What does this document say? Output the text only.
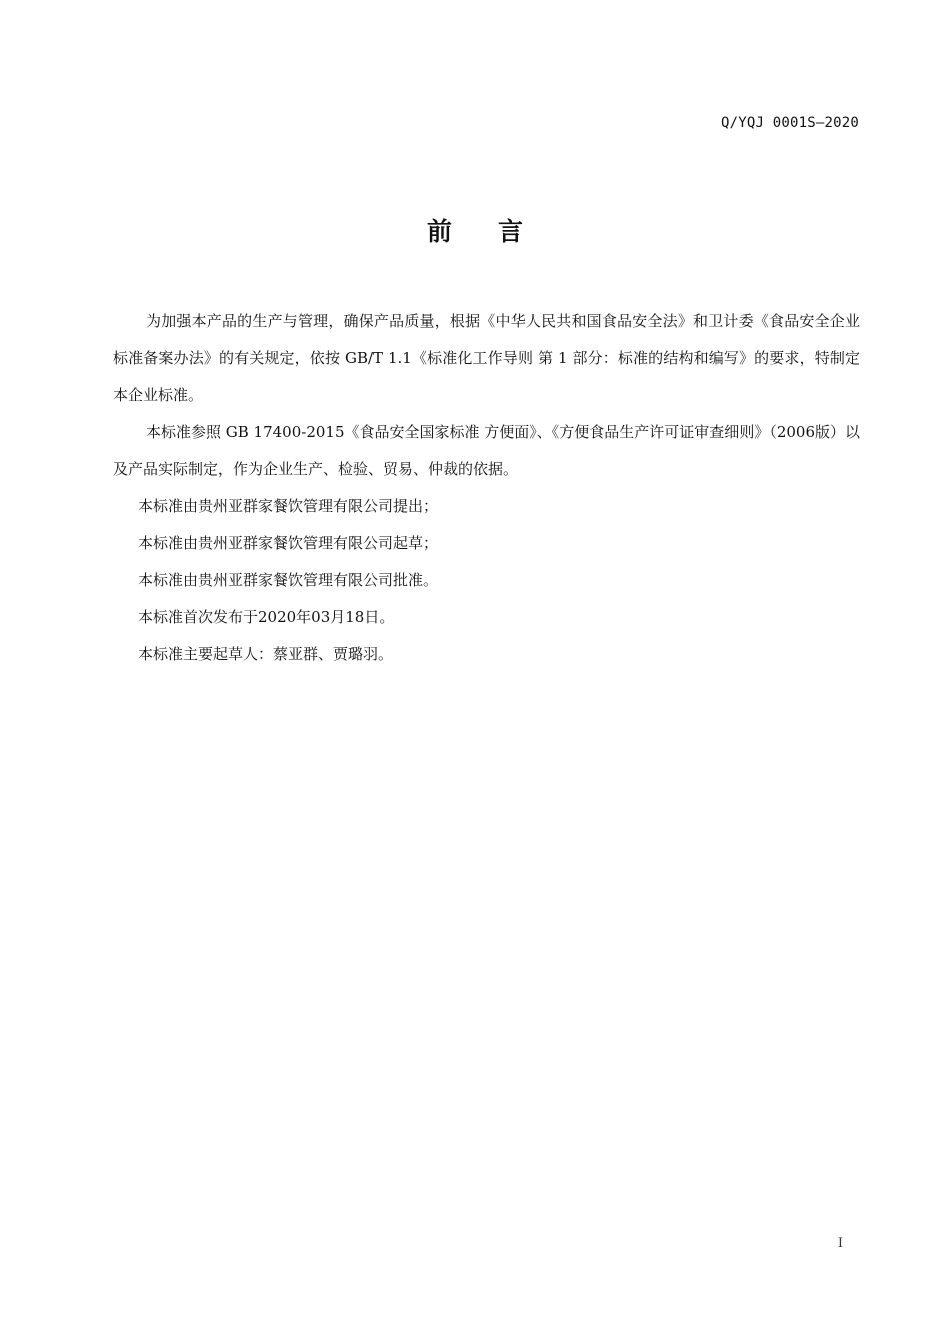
Q/YQJ 0001S—2020
前 言

为加强本产品的生产与管理，确保产品质量，根据《中华人民共和国食品安全法》和卫计委《食品安全企业标准备案办法》的有关规定，依按 GB/T 1.1《标准化工作导则 第 1 部分：标准的结构和编写》的要求，特制定本企业标准。

本标准参照 GB 17400-2015《食品安全国家标准 方便面》、《方便食品生产许可证审查细则》（2006版）以及产品实际制定，作为企业生产、检验、贸易、仲裁的依据。

本标准由贵州亚群家餐饮管理有限公司提出；

本标准由贵州亚群家餐饮管理有限公司起草；

本标准由贵州亚群家餐饮管理有限公司批准。

本标准首次发布于2020年03月18日。

本标准主要起草人：蔡亚群、贾璐羽。

I
